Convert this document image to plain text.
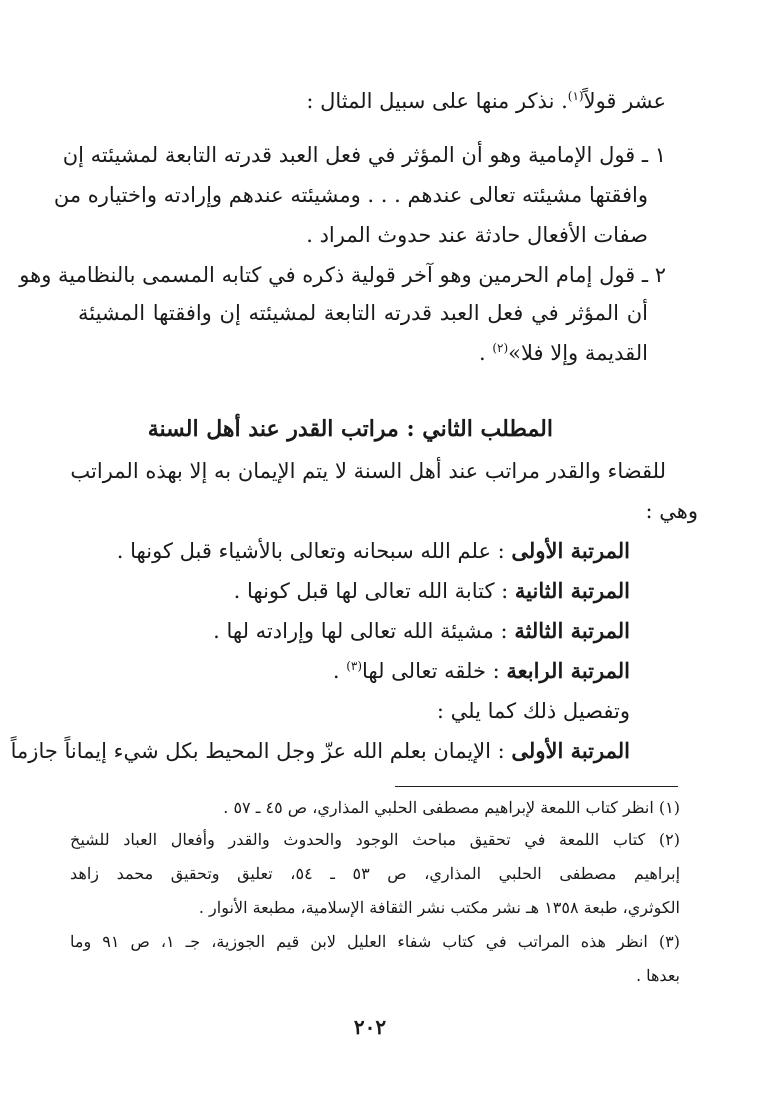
عشر قولاً$^{(١)}$. نذكر منها على سبيل المثال :
١ ـ قول الإمامية وهو أن المؤثر في فعل العبد قدرته التابعة لمشيئته إن
وافقتها مشيئته تعالى عندهم . . . ومشيئته عندهم وإرادته واختياره من
صفات الأفعال حادثة عند حدوث المراد .
٢ ـ قول إمام الحرمين وهو آخر قولية ذكره في كتابه المسمى بالنظامية وهو
أن المؤثر في فعل العبد قدرته التابعة لمشيئته إن وافقتها المشيئة
القديمة وإلا فلا»$^{(٢)}$ .
المطلب الثاني : مراتب القدر عند أهل السنة
للقضاء والقدر مراتب عند أهل السنة لا يتم الإيمان به إلا بهذه المراتب
وهي :
المرتبة الأولى : علم الله سبحانه وتعالى بالأشياء قبل كونها .
المرتبة الثانية : كتابة الله تعالى لها قبل كونها .
المرتبة الثالثة : مشيئة الله تعالى لها وإرادته لها .
المرتبة الرابعة : خلقه تعالى لها$^{(٣)}$ .
وتفصيل ذلك كما يلي :
المرتبة الأولى : الإيمان بعلم الله عزّ وجل المحيط بكل شيء إيماناً جازماً
(١) انظر كتاب اللمعة لإبراهيم مصطفى الحلبي المذاري، ص ٤٥ ـ ٥٧ .
(٢) كتاب اللمعة في تحقيق مباحث الوجود والحدوث والقدر وأفعال العباد للشيخ
إبراهيم مصطفى الحلبي المذاري، ص ٥٣ ـ ٥٤، تعليق وتحقيق محمد زاهد
الكوثري، طبعة ١٣٥٨ هـ نشر مكتب نشر الثقافة الإسلامية، مطبعة الأنوار .
(٣) انظر هذه المراتب في كتاب شفاء العليل لابن قيم الجوزية، جـ ١، ص ٩١ وما
بعدها .
٢٠٢
